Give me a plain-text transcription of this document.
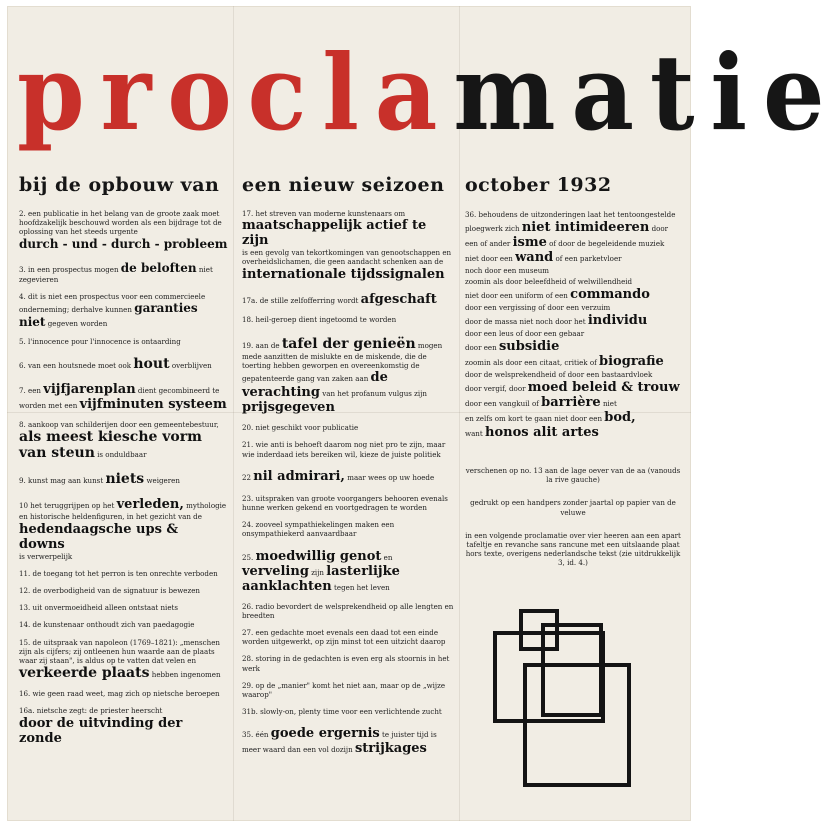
proclamatie
bij de opbouw van een nieuw seizoen october 1932
2. een publicatie in het belang van de groote zaak moet hoofdzakelijk beschouwd worden als een bijdrage tot de oplossing van het steeds urgente
durch - und - durch - probleem
3. in een prospectus mogen de beloften niet zegevieren
4. dit is niet een prospectus voor een commercieele onderneming; derhalve kunnen garanties niet gegeven worden
5. l'innocence pour l'innocence is ontaarding
6. van een houtsnede moet ook hout overblijven
7. een vijfjarenplan dient gecombineerd te worden met een vijfminuten systeem
8. aankoop van schilderijen door een gemeentebestuur,
als meest kiesche vorm van steun is onduldbaar
9. kunst mag aan kunst niets weigeren
10 het teruggrijpen op het verleden, mythologie en historische heldenfiguren, in het gezicht van de
hedendaagsche ups & downs
is verwerpelijk
11. de toegang tot het perron is ten onrechte verboden
12. de overbodigheid van de signatuur is bewezen
13. uit onvermoeidheid alleen ontstaat niets
14. de kunstenaar onthoudt zich van paedagogie
15. de uitspraak van napoleon (1769–1821): „menschen zijn als cijfers; zij ontleenen hun waarde aan de plaats waar zij staan", is aldus op te vatten dat velen en
verkeerde plaats hebben ingenomen
16. wie geen raad weet, mag zich op nietsche beroepen
16a. nietsche zegt: de priester heerscht
door de uitvinding der zonde
17. het streven van moderne kunstenaars om
maatschappelijk actief te zijn
is een gevolg van tekortkomingen van genootschappen en overheidslichamen, die geen aandacht schenken aan de
internationale tijdssignalen
17a. de stille zelfofferring wordt afgeschaft
18. heil-geroep dient ingetoomd te worden
19. aan de tafel der genieën mogen mede aanzitten de mislukte en de miskende, die de toerting hebben geworpen en overeenkomstig de gepatenteerde gang van zaken aan de verachting van het profanum vulgus zijn prijsgegeven
20. niet geschikt voor publicatie
21. wie anti is behoeft daarom nog niet pro te zijn, maar wie inderdaad iets bereiken wil, kieze de juiste politiek
22 nil admirari, maar wees op uw hoede
23. uitspraken van groote voorgangers behooren evenals hunne werken gekend en voortgedragen te worden
24. zooveel sympathiekelingen maken een onsympathiekerd aanvaardbaar
25. moedwillig genot en verveling zijn lasterlijke aanklachten tegen het leven
26. radio bevordert de welsprekendheid op alle lengten en breedten
27. een gedachte moet evenals een daad tot een einde worden uitgewerkt, op zijn minst tot een uitzicht daarop
28. storing in de gedachten is even erg als stoornis in het werk
29. op de „manier" komt het niet aan, maar op de „wijze waarop"
31b. slowly-on, plenty time voor een verlichtende zucht
35. één goede ergernis te juister tijd is meer waard dan een vol dozijn strijkages
36. behoudens de uitzonderingen laat het tentoongestelde ploegwerk zich niet intimideeren door een of ander isme of door de begeleidende muziek
niet door een wand of een parketvloer
noch door een museum
zoomin als door beleefdheid of welwillendheid
niet door een uniform of een commando
door een vergissing of door een verzuim
door de massa niet noch door het individu
door een leus of door een gebaar
door een subsidie
zoomin als door een citaat, critiek of biografie
door de welsprekendheid of door een bastaardvloek
door vergif, door moed beleid & trouw
door een vangkuil of barrière niet
en zelfs om kort te gaan niet door een bod,
want honos alit artes
verschenen op no. 13 aan de lage oever van de aa (vanouds la rive gauche)
gedrukt op een handpers zonder jaartal op papier van de veluwe
in een volgende proclamatie over vier heeren aan een apart tafeltje en revanche sans rancune met een uitslaande plaat hors texte, overigens nederlandsche tekst (zie uitdrukkelijk 3, id. 4.)
